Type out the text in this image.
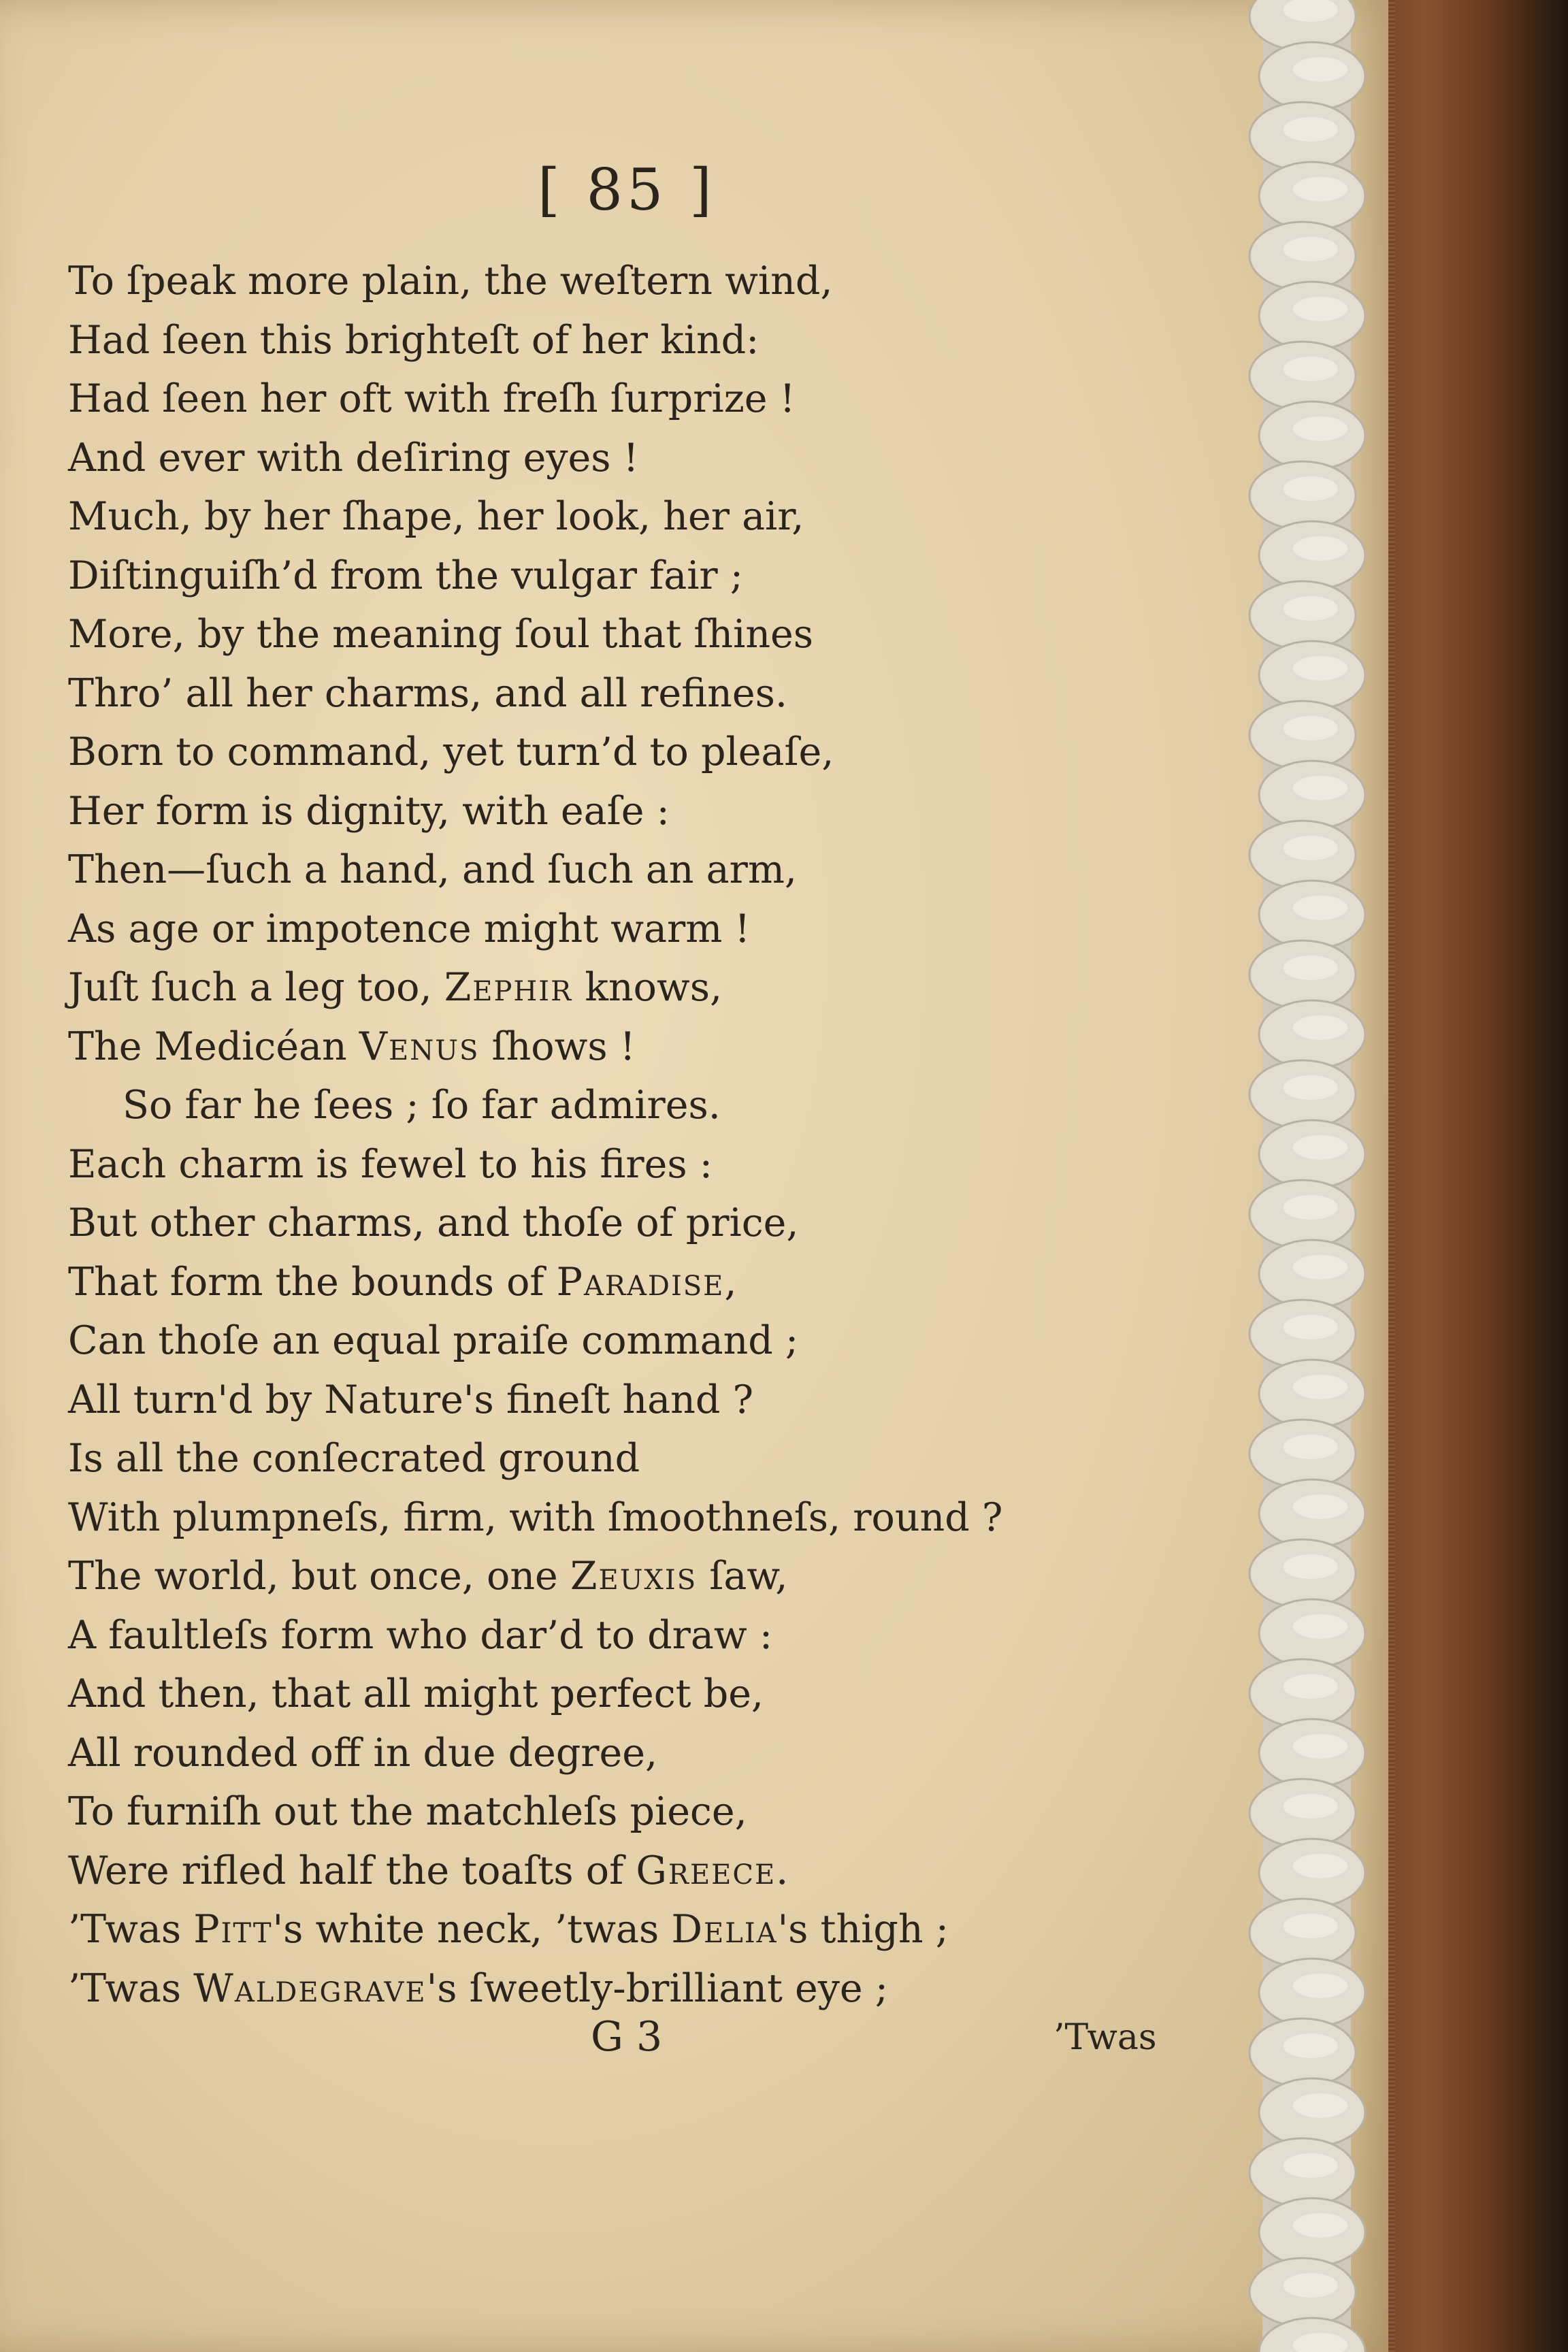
[ 85 ]
To ſpeak more plain, the weſtern wind,
Had ſeen this brighteſt of her kind:
Had ſeen her oft with freſh ſurprize !
And ever with deſiring eyes !
Much, by her ſhape, her look, her air,
Diſtinguiſh’d from the vulgar fair ;
More, by the meaning ſoul that ſhines
Thro’ all her charms, and all refines.
Born to command, yet turn’d to pleaſe,
Her form is dignity, with eaſe :
Then—ſuch a hand, and ſuch an arm,
As age or impotence might warm !
Juſt ſuch a leg too, Zephir knows,
The Medicéan Venus ſhows !
So far he ſees ; ſo far admires.
Each charm is fewel to his fires :
But other charms, and thoſe of price,
That form the bounds of Paradise,
Can thoſe an equal praiſe command ;
All turn'd by Nature's fineſt hand ?
Is all the conſecrated ground
With plumpneſs, firm, with ſmoothneſs, round ?
The world, but once, one Zeuxis ſaw,
A faultleſs form who dar’d to draw :
And then, that all might perfect be,
All rounded off in due degree,
To furniſh out the matchleſs piece,
Were rifled half the toaſts of Greece.
’Twas Pitt's white neck, ’twas Delia's thigh ;
’Twas Waldegrave's ſweetly-brilliant eye ;
G 3	’Twas
